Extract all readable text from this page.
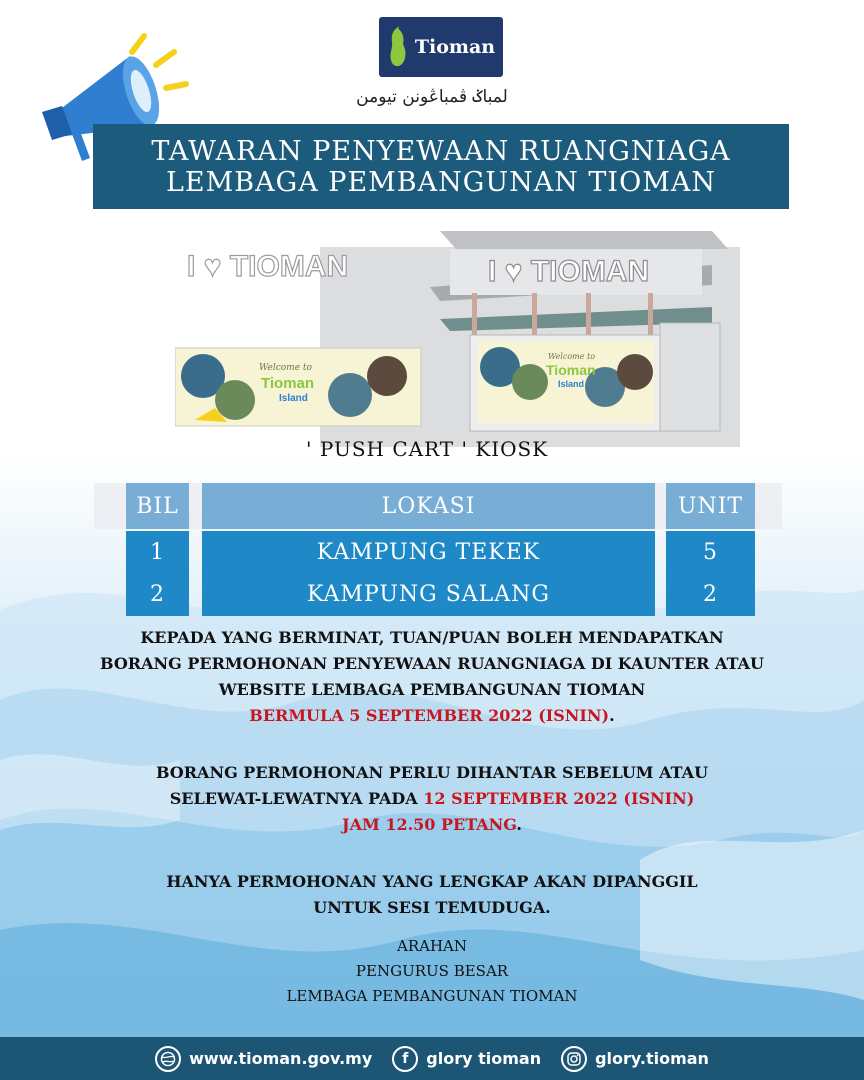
Tioman
لمباݢ ڤمباڠونن تيومن
TAWARAN PENYEWAAN RUANGNIAGA
LEMBAGA PEMBANGUNAN TIOMAN
I ♥ TIOMAN
Welcome to
Tioman
Island
I ♥ TIOMAN
Welcome to
Tioman
Island
' PUSH CART ' KIOSK
BIL	LOKASI	UNIT
1	KAMPUNG TEKEK	5
2	KAMPUNG SALANG	2
KEPADA YANG BERMINAT, TUAN/PUAN BOLEH MENDAPATKAN
BORANG PERMOHONAN PENYEWAAN RUANGNIAGA DI KAUNTER ATAU
WEBSITE LEMBAGA PEMBANGUNAN TIOMAN
BERMULA 5 SEPTEMBER 2022 (ISNIN).
BORANG PERMOHONAN PERLU DIHANTAR SEBELUM ATAU
SELEWAT-LEWATNYA PADA 12 SEPTEMBER 2022 (ISNIN)
JAM 12.50 PETANG.
HANYA PERMOHONAN YANG LENGKAP AKAN DIPANGGIL
UNTUK SESI TEMUDUGA.
ARAHAN
PENGURUS BESAR
LEMBAGA PEMBANGUNAN TIOMAN
www.tioman.gov.my	f	glory tioman	glory.tioman
